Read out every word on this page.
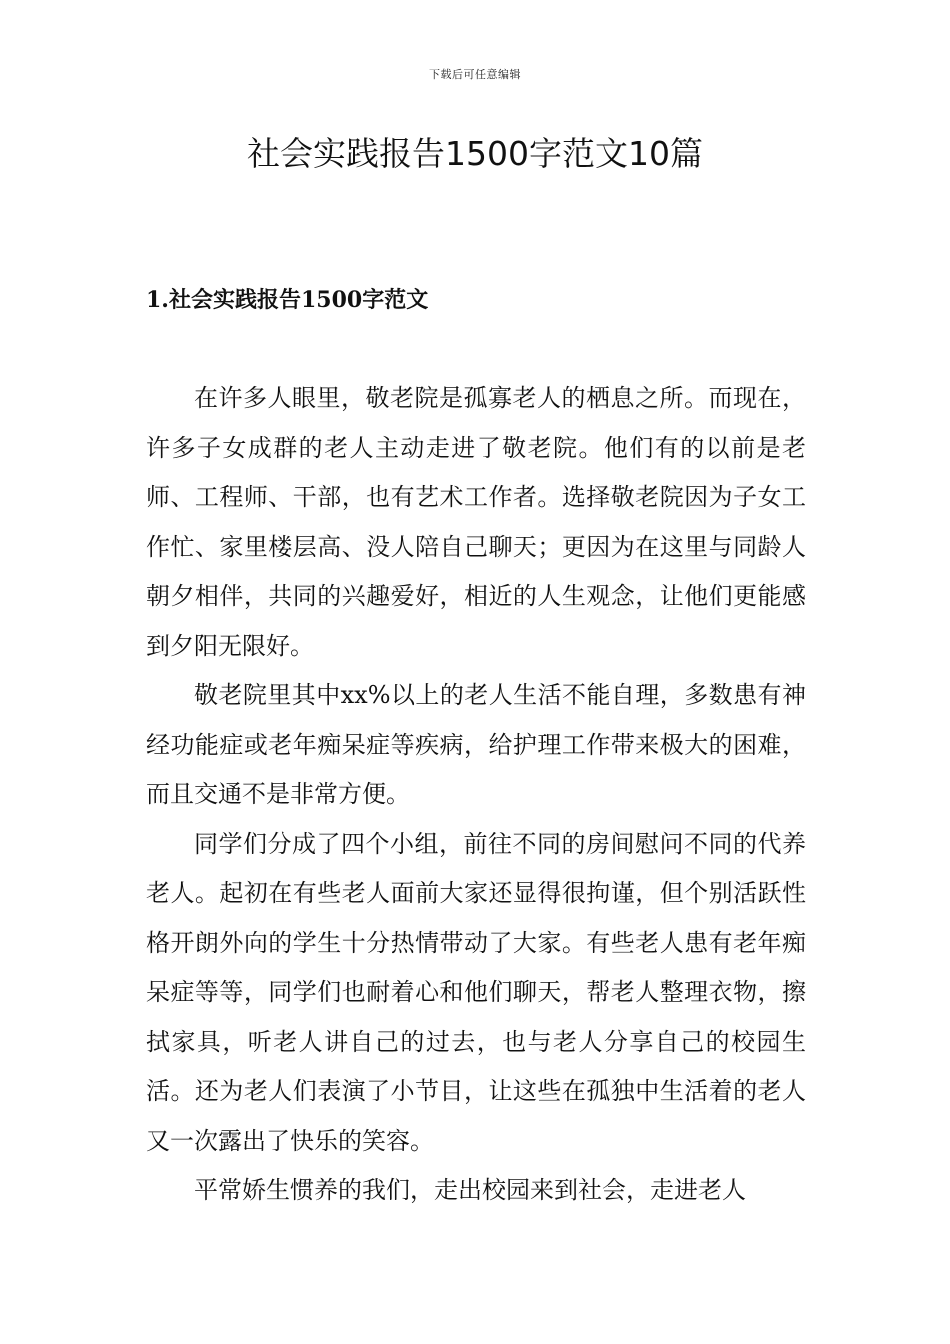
下载后可任意编辑
社会实践报告1500字范文10篇
1.社会实践报告1500字范文

在许多人眼里，敬老院是孤寡老人的栖息之所。而现在，许多子女成群的老人主动走进了敬老院。他们有的以前是老师、工程师、干部，也有艺术工作者。选择敬老院因为子女工作忙、家里楼层高、没人陪自己聊天；更因为在这里与同龄人朝夕相伴，共同的兴趣爱好，相近的人生观念，让他们更能感到夕阳无限好。

敬老院里其中xx%以上的老人生活不能自理，多数患有神经功能症或老年痴呆症等疾病，给护理工作带来极大的困难，而且交通不是非常方便。

同学们分成了四个小组，前往不同的房间慰问不同的代养老人。起初在有些老人面前大家还显得很拘谨，但个别活跃性格开朗外向的学生十分热情带动了大家。有些老人患有老年痴呆症等等，同学们也耐着心和他们聊天，帮老人整理衣物，擦拭家具，听老人讲自己的过去，也与老人分享自己的校园生活。还为老人们表演了小节目，让这些在孤独中生活着的老人又一次露出了快乐的笑容。

平常娇生惯养的我们，走出校园来到社会，走进老人
